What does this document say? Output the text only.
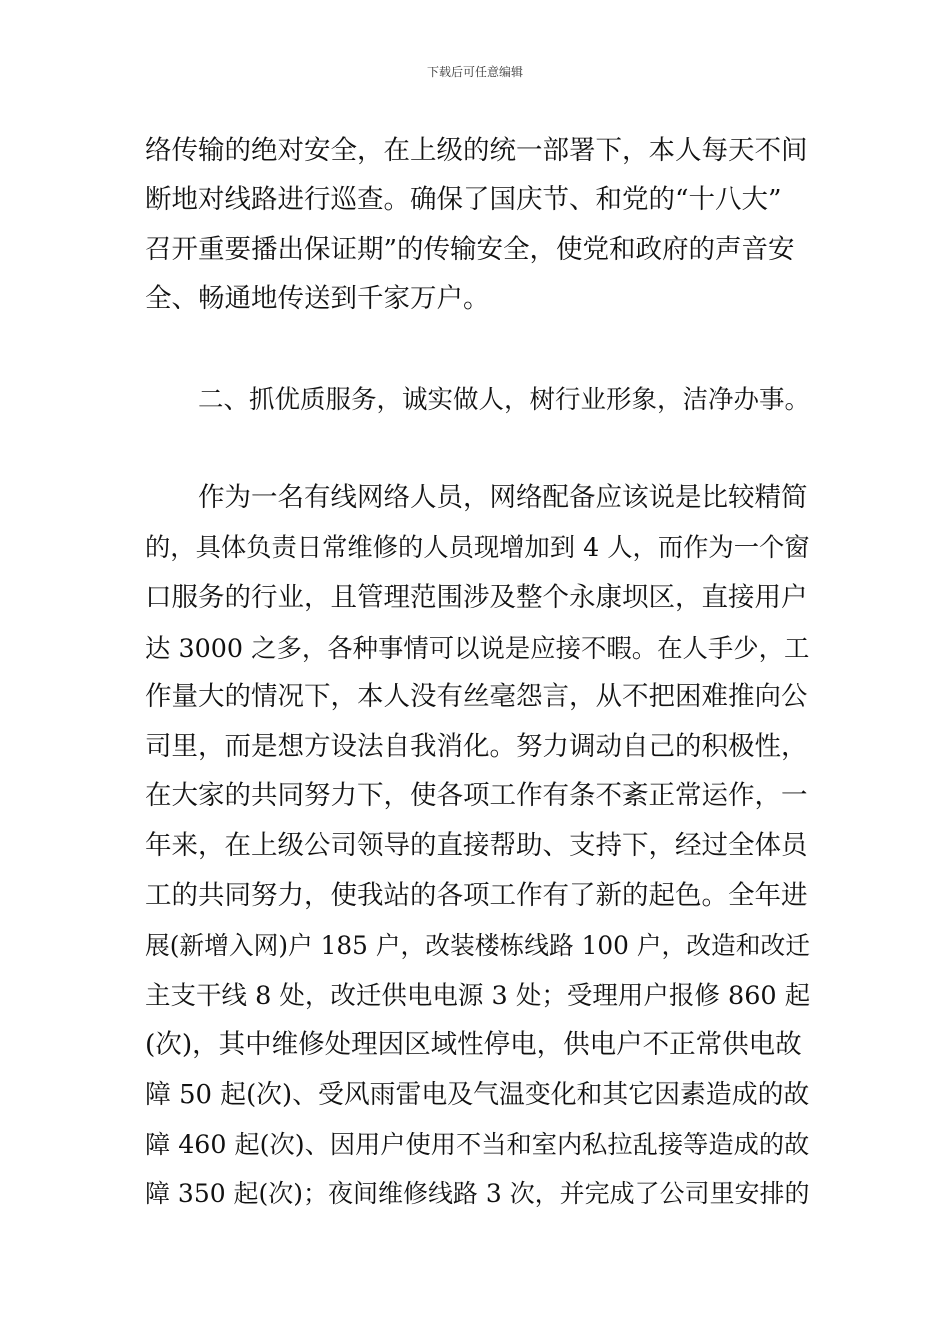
下载后可任意编辑
络传输的绝对安全，在上级的统一部署下，本人每天不间
断地对线路进行巡查。确保了国庆节、和党的“十八大”
召开重要播出保证期”的传输安全，使党和政府的声音安
全、畅通地传送到千家万户。
二、抓优质服务，诚实做人，树行业形象，洁净办事。
作为一名有线网络人员，网络配备应该说是比较精简
的，具体负责日常维修的人员现增加到 4 人，而作为一个窗
口服务的行业，且管理范围涉及整个永康坝区，直接用户
达 3000 之多，各种事情可以说是应接不暇。在人手少，工
作量大的情况下，本人没有丝毫怨言，从不把困难推向公
司里，而是想方设法自我消化。努力调动自己的积极性，
在大家的共同努力下，使各项工作有条不紊正常运作，一
年来，在上级公司领导的直接帮助、支持下，经过全体员
工的共同努力，使我站的各项工作有了新的起色。全年进
展(新增入网)户 185 户，改装楼栋线路 100 户，改造和改迁
主支干线 8 处，改迁供电电源 3 处；受理用户报修 860 起
(次)，其中维修处理因区域性停电，供电户不正常供电故
障 50 起(次)、受风雨雷电及气温变化和其它因素造成的故
障 460 起(次)、因用户使用不当和室内私拉乱接等造成的故
障 350 起(次)；夜间维修线路 3 次，并完成了公司里安排的
